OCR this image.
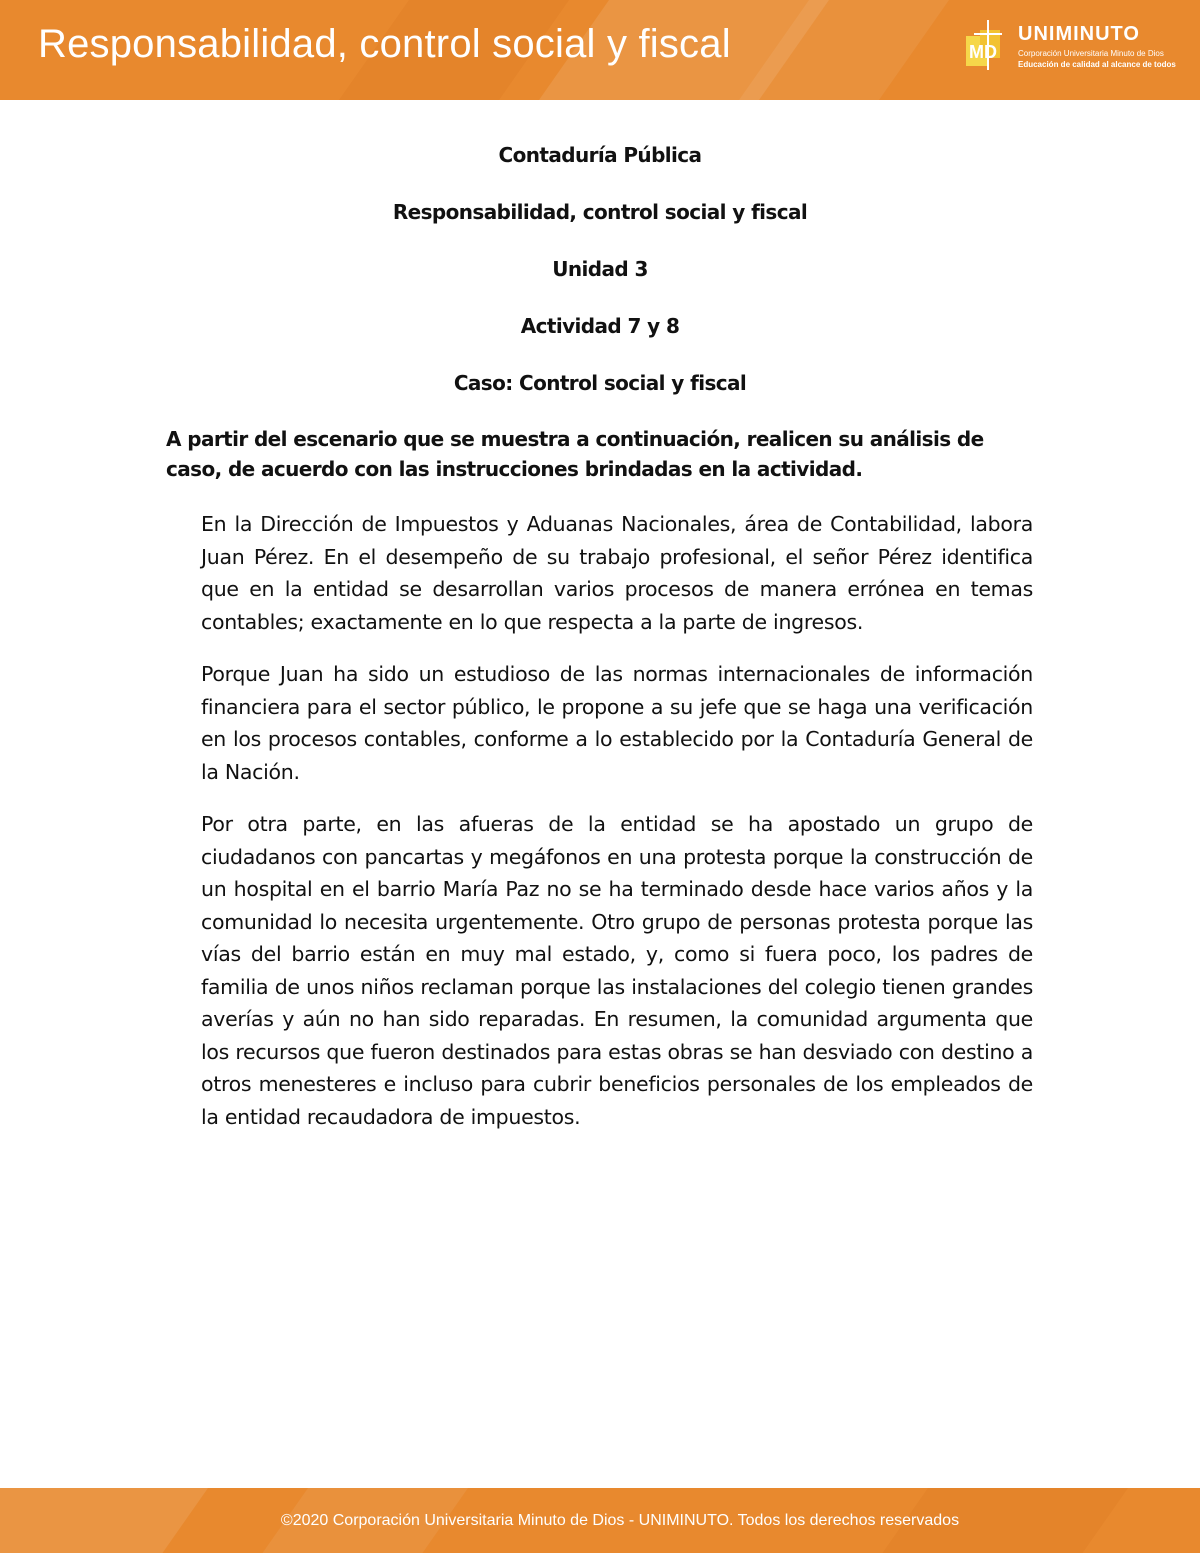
Responsabilidad, control social y fiscal	MD
UNIMINUTO
Corporación Universitaria Minuto de Dios
Educación de calidad al alcance de todos
Contaduría Pública
Responsabilidad, control social y fiscal
Unidad 3
Actividad 7 y 8
Caso: Control social y fiscal
A partir del escenario que se muestra a continuación, realicen su análisis de caso, de acuerdo con las instrucciones brindadas en la actividad.
En la Dirección de Impuestos y Aduanas Nacionales, área de Contabilidad, labora Juan Pérez. En el desempeño de su trabajo profesional, el señor Pérez identifica que en la entidad se desarrollan varios procesos de manera errónea en temas contables; exactamente en lo que respecta a la parte de ingresos.
Porque Juan ha sido un estudioso de las normas internacionales de información financiera para el sector público, le propone a su jefe que se haga una verificación en los procesos contables, conforme a lo establecido por la Contaduría General de la Nación.
Por otra parte, en las afueras de la entidad se ha apostado un grupo de ciudadanos con pancartas y megáfonos en una protesta porque la construcción de un hospital en el barrio María Paz no se ha terminado desde hace varios años y la comunidad lo necesita urgentemente. Otro grupo de personas protesta porque las vías del barrio están en muy mal estado, y, como si fuera poco, los padres de familia de unos niños reclaman porque las instalaciones del colegio tienen grandes averías y aún no han sido reparadas. En resumen, la comunidad argumenta que los recursos que fueron destinados para estas obras se han desviado con destino a otros menesteres e incluso para cubrir beneficios personales de los empleados de la entidad recaudadora de impuestos.
©2020 Corporación Universitaria Minuto de Dios - UNIMINUTO. Todos los derechos reservados
